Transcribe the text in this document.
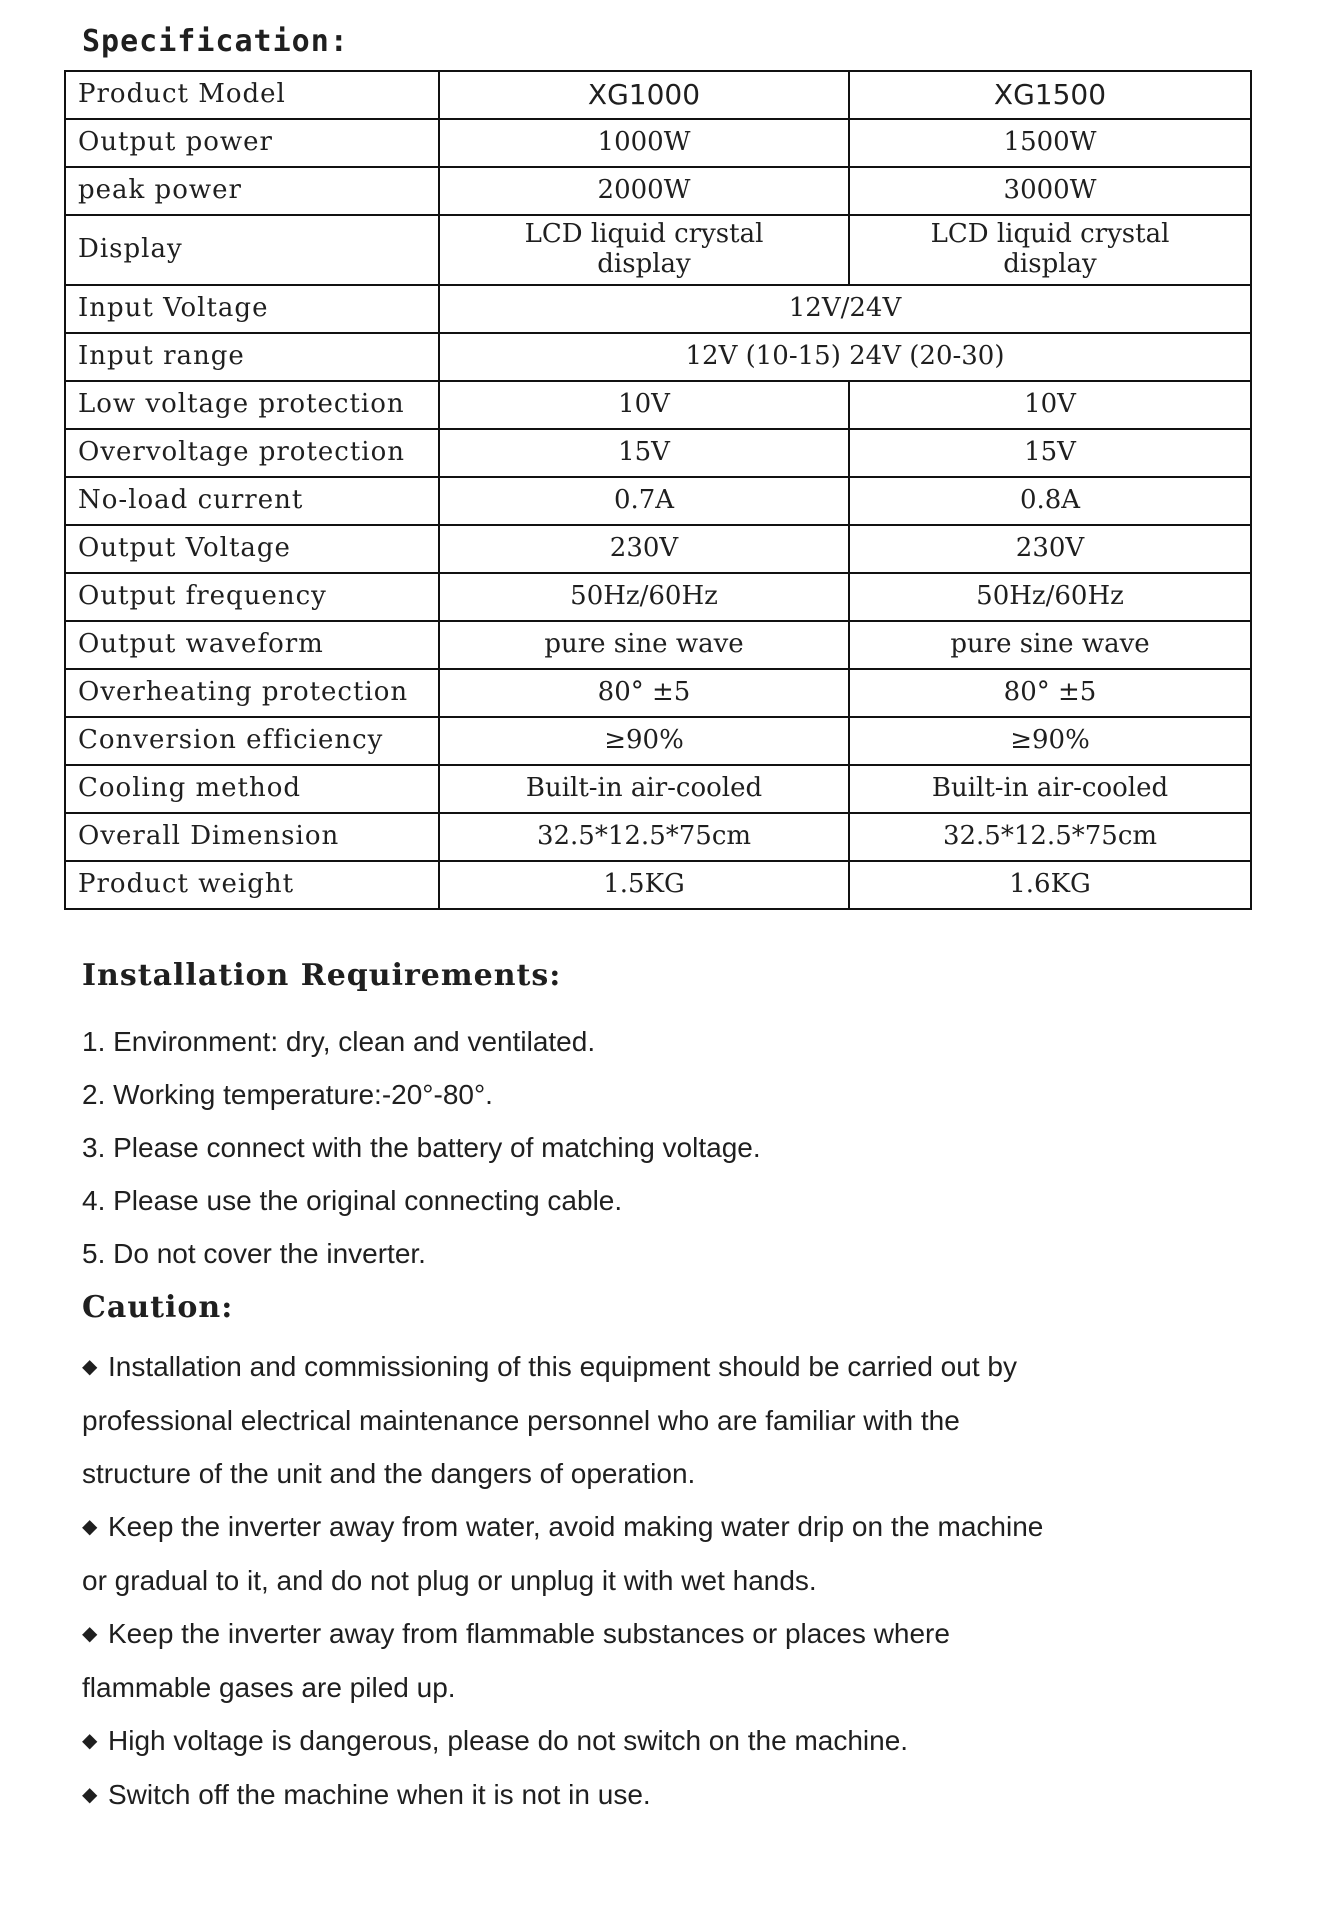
Specification:
Product Model	XG1000	XG1500
Output power	1000W	1500W
peak power	2000W	3000W
Display	LCD liquid crystal display	LCD liquid crystal display
Input Voltage	12V/24V	
Input range	12V (10-15) 24V (20-30)	
Low voltage protection	10V	10V
Overvoltage protection	15V	15V
No-load current	0.7A	0.8A
Output Voltage	230V	230V
Output frequency	50Hz/60Hz	50Hz/60Hz
Output waveform	pure sine wave	pure sine wave
Overheating protection	80° ±5	80° ±5
Conversion efficiency	≥90%	≥90%
Cooling method	Built-in air-cooled	Built-in air-cooled
Overall Dimension	32.5*12.5*75cm	32.5*12.5*75cm
Product weight	1.5KG	1.6KG
Installation Requirements:
1. Environment: dry, clean and ventilated.
2. Working temperature:-20°-80°.
3. Please connect with the battery of matching voltage.
4. Please use the original connecting cable.
5. Do not cover the inverter.
Caution:
◆ Installation and commissioning of this equipment should be carried out by
professional electrical maintenance personnel who are familiar with the
structure of the unit and the dangers of operation.
◆ Keep the inverter away from water, avoid making water drip on the machine
or gradual to it, and do not plug or unplug it with wet hands.
◆ Keep the inverter away from flammable substances or places where
flammable gases are piled up.
◆ High voltage is dangerous, please do not switch on the machine.
◆ Switch off the machine when it is not in use.
